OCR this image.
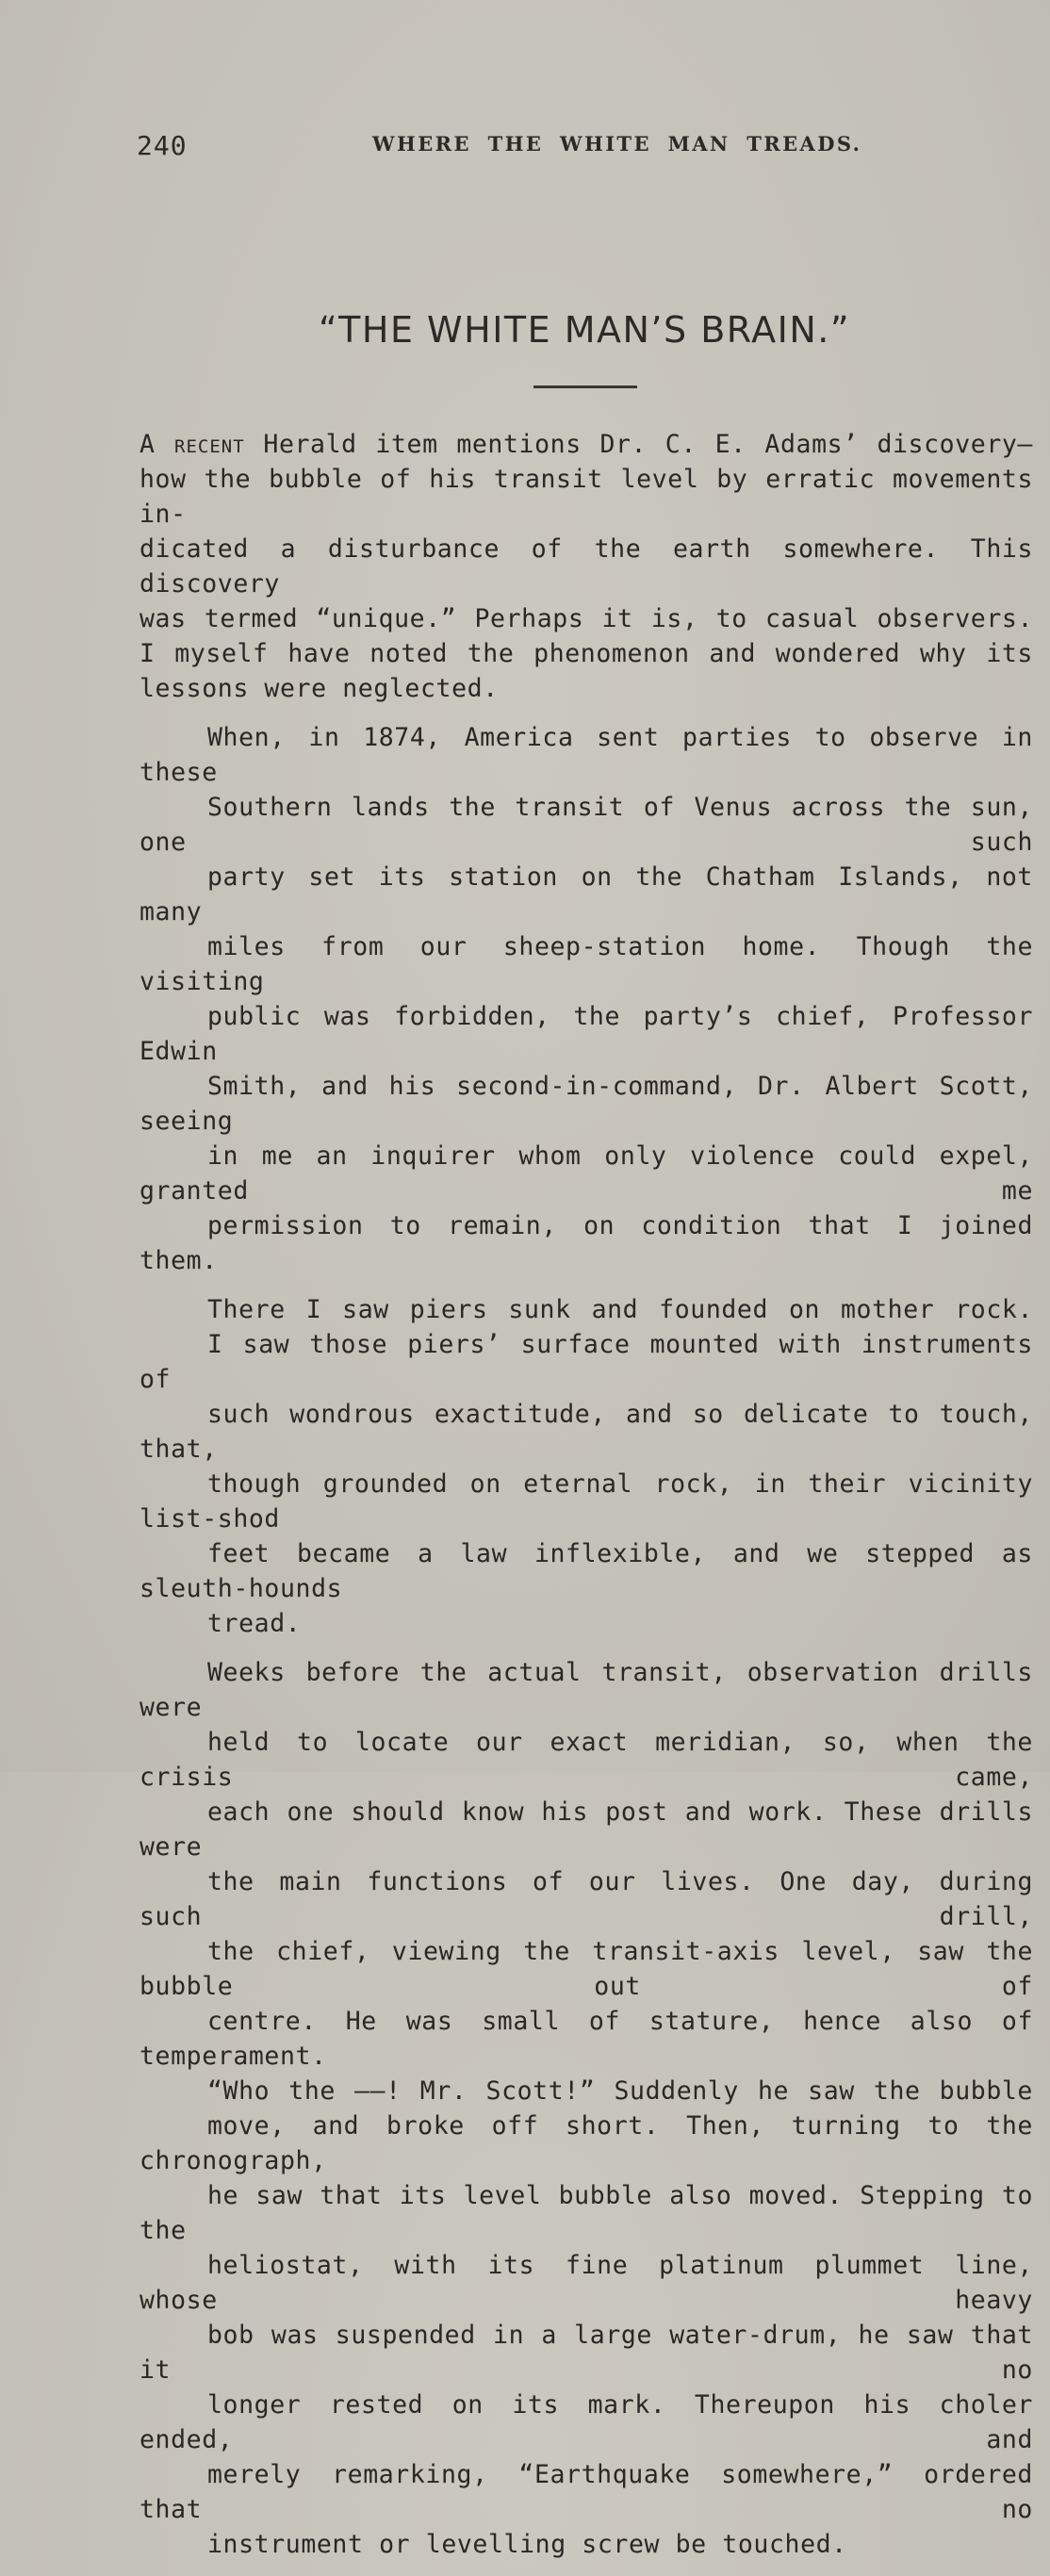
240	WHERE THE WHITE MAN TREADS.
“THE WHITE MAN’S BRAIN.”

A recent Herald item mentions Dr. C. E. Adams’ discovery—
how the bubble of his transit level by erratic movements in-
dicated a disturbance of the earth somewhere. This discovery
was termed “unique.” Perhaps it is, to casual observers.
I myself have noted the phenomenon and wondered why its
lessons were neglected.

When, in 1874, America sent parties to observe in these
Southern lands the transit of Venus across the sun, one such
party set its station on the Chatham Islands, not many
miles from our sheep-station home. Though the visiting
public was forbidden, the party’s chief, Professor Edwin
Smith, and his second-in-command, Dr. Albert Scott, seeing
in me an inquirer whom only violence could expel, granted me
permission to remain, on condition that I joined them.

There I saw piers sunk and founded on mother rock.
I saw those piers’ surface mounted with instruments of
such wondrous exactitude, and so delicate to touch, that,
though grounded on eternal rock, in their vicinity list-shod
feet became a law inflexible, and we stepped as sleuth-hounds
tread.

Weeks before the actual transit, observation drills were
held to locate our exact meridian, so, when the crisis came,
each one should know his post and work. These drills were
the main functions of our lives. One day, during such drill,
the chief, viewing the transit-axis level, saw the bubble out of
centre. He was small of stature, hence also of temperament.
“Who the ——! Mr. Scott!” Suddenly he saw the bubble
move, and broke off short. Then, turning to the chronograph,
he saw that its level bubble also moved. Stepping to the
heliostat, with its fine platinum plummet line, whose heavy
bob was suspended in a large water-drum, he saw that it no
longer rested on its mark. Thereupon his choler ended, and
merely remarking, “Earthquake somewhere,” ordered that no
instrument or levelling screw be touched.
